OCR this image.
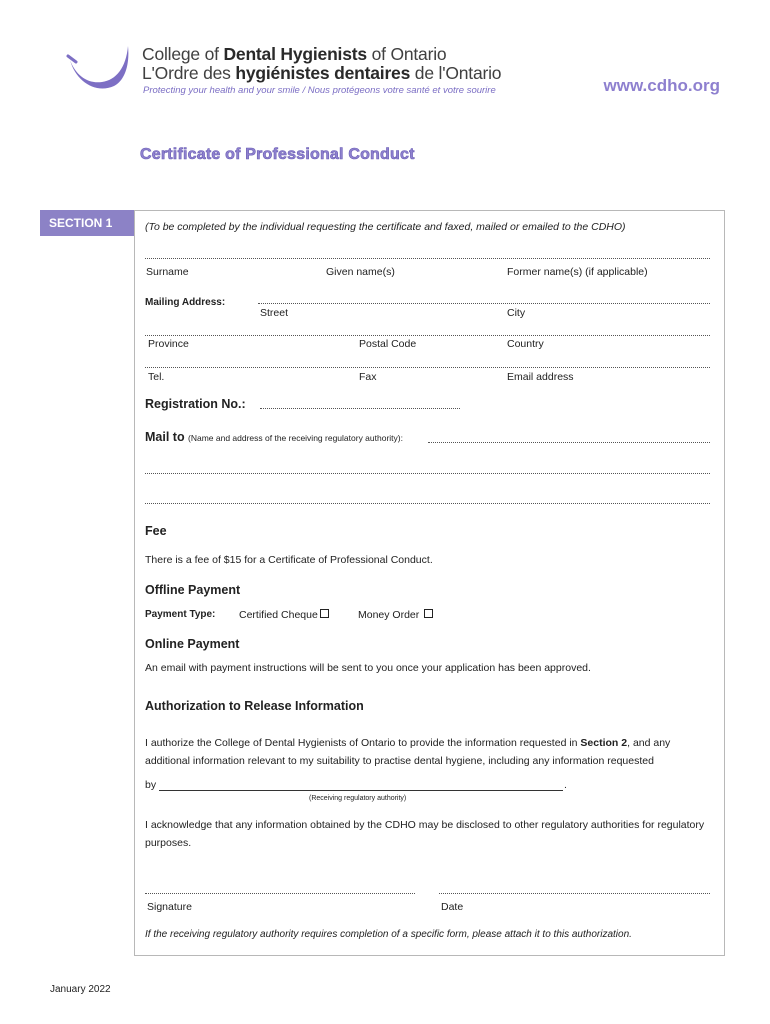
College of Dental Hygienists of Ontario
L'Ordre des hygiénistes dentaires de l'Ontario
Protecting your health and your smile / Nous protégeons votre santé et votre sourire	www.cdho.org
Certificate of Professional Conduct
SECTION 1	(To be completed by the individual requesting the certificate and faxed, mailed or emailed to the CDHO)
Surname	Given name(s)	Former name(s) (if applicable)
Mailing Address:
Street	City
Province	Postal Code	Country
Tel.	Fax	Email address
Registration No.:
Mail to (Name and address of the receiving regulatory authority):
Fee
There is a fee of $15 for a Certificate of Professional Conduct.
Offline Payment
Payment Type: Certified Cheque	Money Order
Online Payment
An email with payment instructions will be sent to you once your application has been approved.
Authorization to Release Information
I authorize the College of Dental Hygienists of Ontario to provide the information requested in Section 2, and any
additional information relevant to my suitability to practise dental hygiene, including any information requested
by	.
(Receiving regulatory authority)
I acknowledge that any information obtained by the CDHO may be disclosed to other regulatory authorities for regulatory
purposes.
Signature	Date
If the receiving regulatory authority requires completion of a specific form, please attach it to this authorization.
January 2022
